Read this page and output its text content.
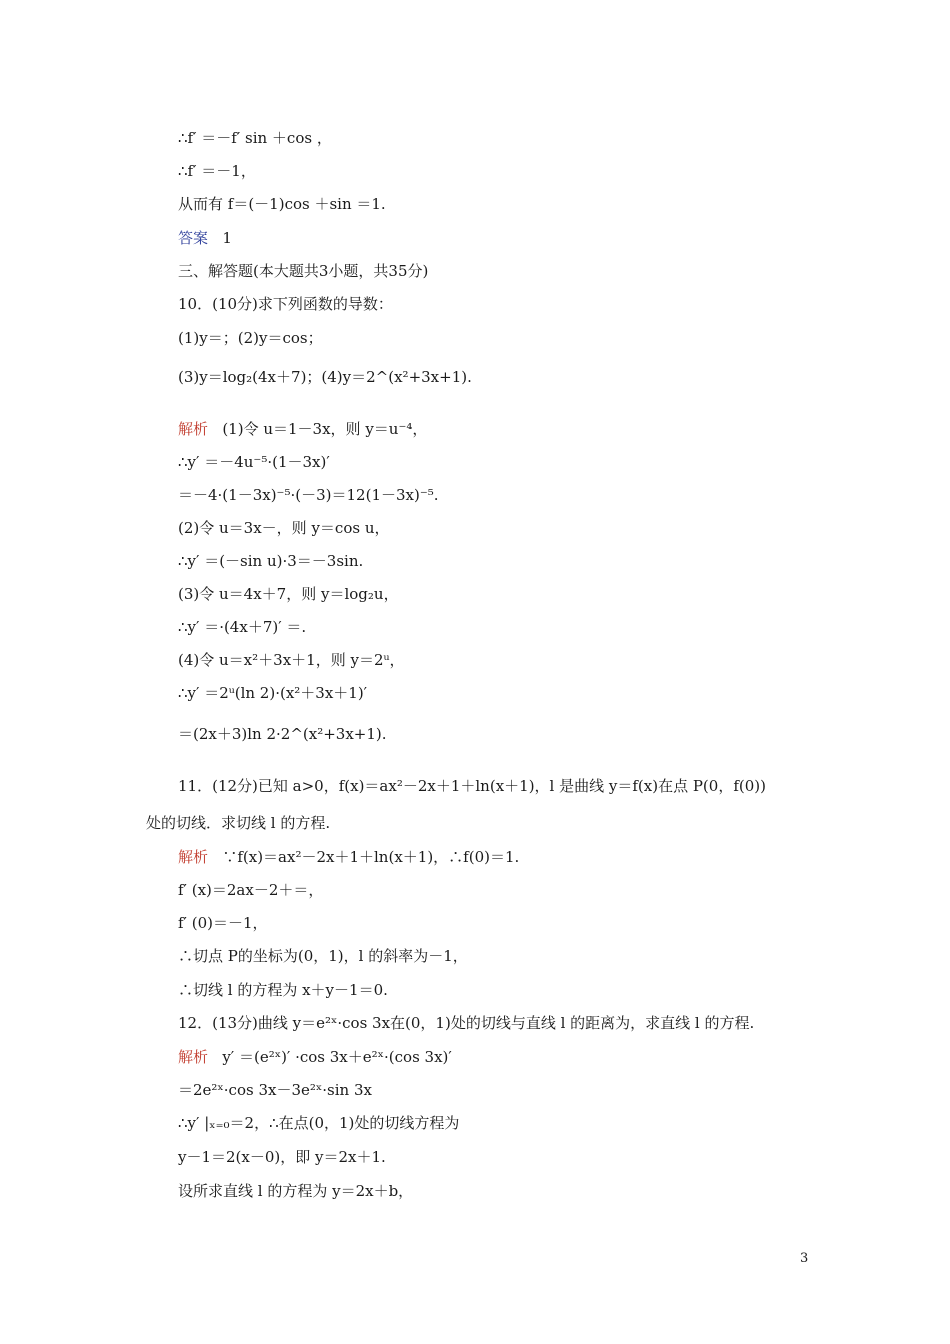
∴f′ ＝－f′ sin ＋cos ，
∴f′ ＝－1，
从而有 f＝(－1)cos ＋sin ＝1.
答案 1
三、解答题(本大题共3小题，共35分)
10．(10分)求下列函数的导数：
(1)y＝；(2)y＝cos；
(3)y＝log₂(4x＋7)；(4)y＝2^(x²+3x+1).
解析 (1)令 u＝1－3x，则 y＝u⁻⁴，
∴y′ ＝－4u⁻⁵·(1－3x)′
＝－4·(1－3x)⁻⁵·(－3)＝12(1－3x)⁻⁵.
(2)令 u＝3x－，则 y＝cos u，
∴y′ ＝(－sin u)·3＝－3sin.
(3)令 u＝4x＋7，则 y＝log₂u，
∴y′ ＝·(4x＋7)′ ＝.
(4)令 u＝x²＋3x＋1，则 y＝2ᵘ，
∴y′ ＝2ᵘ(ln 2)·(x²＋3x＋1)′
＝(2x＋3)ln 2·2^(x²+3x+1).
11．(12分)已知 a>0，f(x)＝ax²－2x＋1＋ln(x＋1)，l 是曲线 y＝f(x)在点 P(0，f(0))
处的切线．求切线 l 的方程.
解析 ∵f(x)＝ax²－2x＋1＋ln(x＋1)，∴f(0)＝1.
f′ (x)＝2ax－2＋＝，
f′ (0)＝－1，
∴切点 P的坐标为(0，1)，l 的斜率为－1，
∴切线 l 的方程为 x＋y－1＝0.
12．(13分)曲线 y＝e²ˣ·cos 3x在(0，1)处的切线与直线 l 的距离为，求直线 l 的方程.
解析 y′ ＝(e²ˣ)′ ·cos 3x＋e²ˣ·(cos 3x)′
＝2e²ˣ·cos 3x－3e²ˣ·sin 3x
∴y′ |ₓ₌₀＝2，∴在点(0，1)处的切线方程为
y－1＝2(x－0)，即 y＝2x＋1.
设所求直线 l 的方程为 y＝2x＋b，
3
